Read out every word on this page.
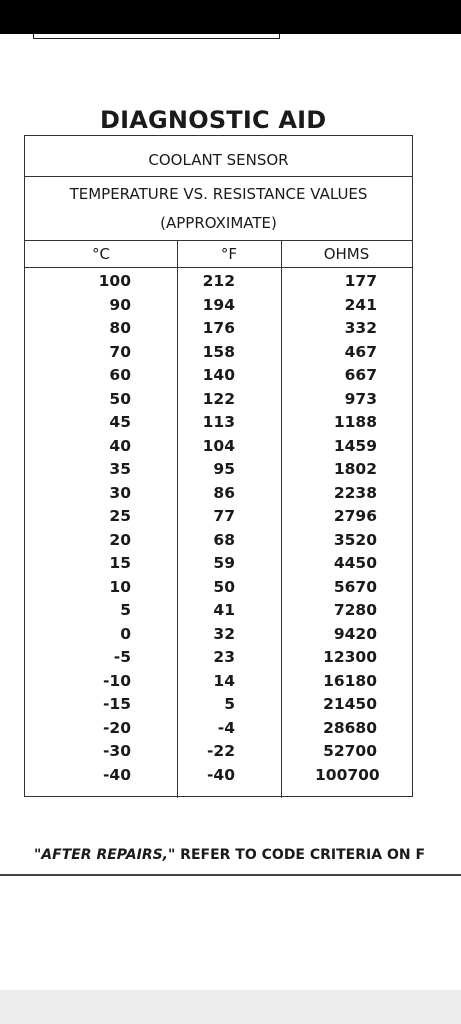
DIAGNOSTIC AID
COOLANT SENSOR
TEMPERATURE VS. RESISTANCE VALUES
(APPROXIMATE)
°C	°F	OHMS
100	212	177
90	194	241
80	176	332
70	158	467
60	140	667
50	122	973
45	113	1188
40	104	1459
35	95	1802
30	86	2238
25	77	2796
20	68	3520
15	59	4450
10	50	5670
5	41	7280
0	32	9420
-5	23	12300
-10	14	16180
-15	5	21450
-20	-4	28680
-30	-22	52700
-40	-40	100700
"AFTER REPAIRS," REFER TO CODE CRITERIA ON F
